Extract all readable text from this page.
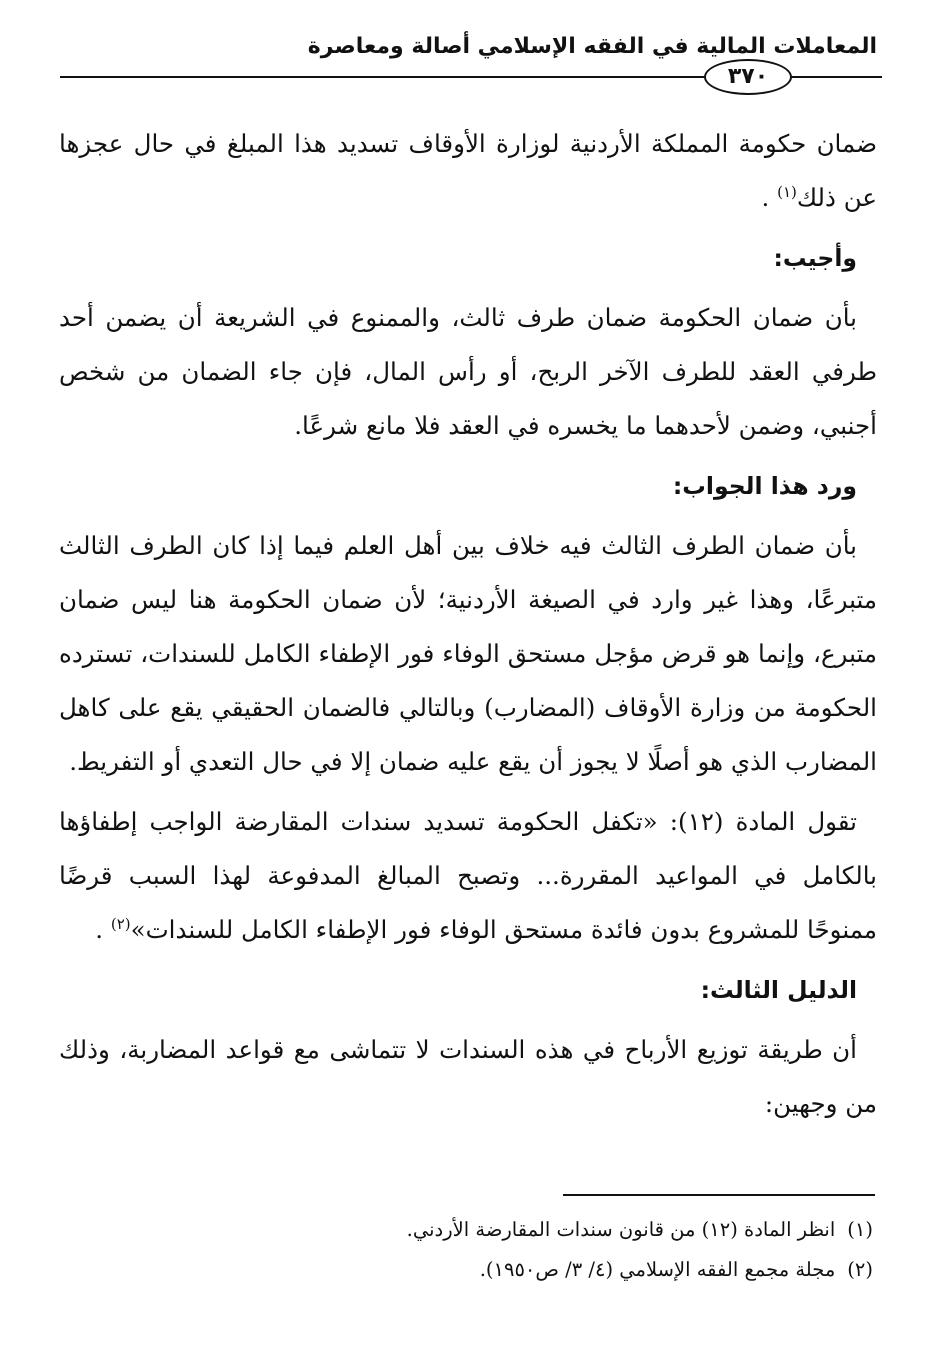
المعاملات المالية في الفقه الإسلامي أصالة ومعاصرة
٣٧٠

ضمان حكومة المملكة الأردنية لوزارة الأوقاف تسديد هذا المبلغ في حال عجزها عن ذلك$^{(١)}$ .

وأجيب:

بأن ضمان الحكومة ضمان طرف ثالث، والممنوع في الشريعة أن يضمن أحد طرفي العقد للطرف الآخر الربح، أو رأس المال، فإن جاء الضمان من شخص أجنبي، وضمن لأحدهما ما يخسره في العقد فلا مانع شرعًا.

ورد هذا الجواب:

بأن ضمان الطرف الثالث فيه خلاف بين أهل العلم فيما إذا كان الطرف الثالث متبرعًا، وهذا غير وارد في الصيغة الأردنية؛ لأن ضمان الحكومة هنا ليس ضمان متبرع، وإنما هو قرض مؤجل مستحق الوفاء فور الإطفاء الكامل للسندات، تسترده الحكومة من وزارة الأوقاف (المضارب) وبالتالي فالضمان الحقيقي يقع على كاهل المضارب الذي هو أصلًا لا يجوز أن يقع عليه ضمان إلا في حال التعدي أو التفريط.

تقول المادة (١٢): «تكفل الحكومة تسديد سندات المقارضة الواجب إطفاؤها بالكامل في المواعيد المقررة... وتصبح المبالغ المدفوعة لهذا السبب قرضًا ممنوحًا للمشروع بدون فائدة مستحق الوفاء فور الإطفاء الكامل للسندات»$^{(٢)}$ .

الدليل الثالث:

أن طريقة توزيع الأرباح في هذه السندات لا تتماشى مع قواعد المضاربة، وذلك من وجهين:

(١)انظر المادة (١٢) من قانون سندات المقارضة الأردني.

(٢)مجلة مجمع الفقه الإسلامي (٤/ ٣/ ص١٩٥٠).
